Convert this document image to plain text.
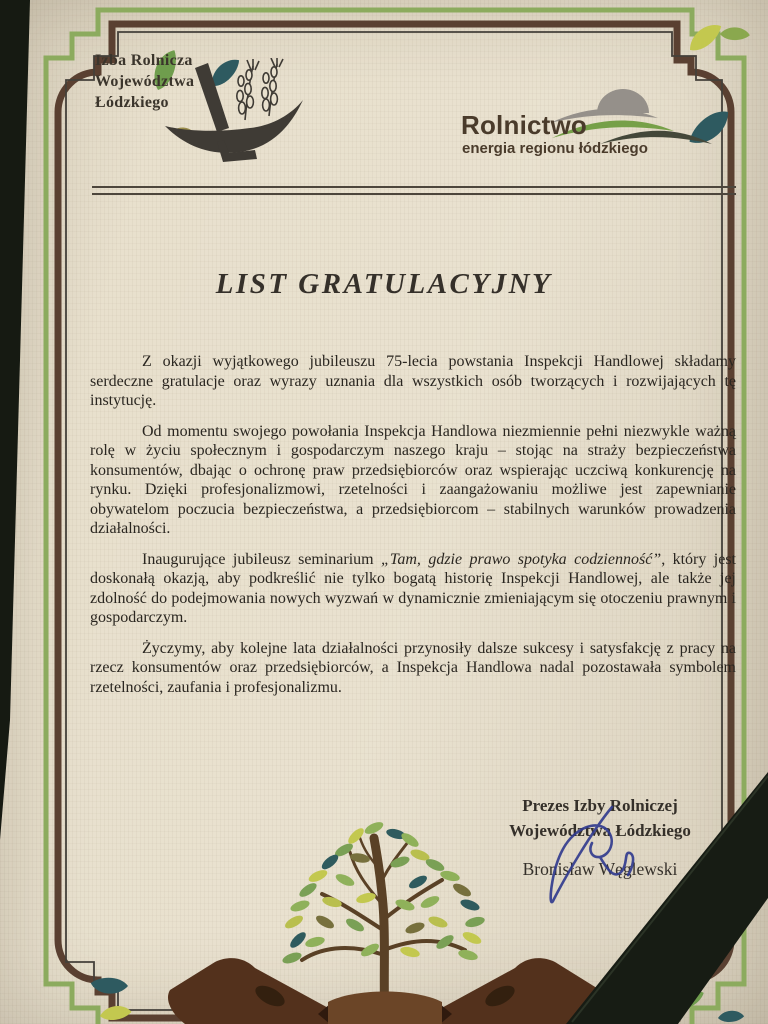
Izba Rolnicza
Województwa
Łódzkiego
Rolnictwo
energia regionu łódzkiego
LIST GRATULACYJNY

Z okazji wyjątkowego jubileuszu 75-lecia powstania Inspekcji Handlowej składamy serdeczne gratulacje oraz wyrazy uznania dla wszystkich osób tworzących i rozwijających tę instytucję.

Od momentu swojego powołania Inspekcja Handlowa niezmiennie pełni niezwykle ważną rolę w życiu społecznym i gospodarczym naszego kraju – stojąc na straży bezpieczeństwa konsumentów, dbając o ochronę praw przedsiębiorców oraz wspierając uczciwą konkurencję na rynku. Dzięki profesjonalizmowi, rzetelności i zaangażowaniu możliwe jest zapewnianie obywatelom poczucia bezpieczeństwa, a przedsiębiorcom – stabilnych warunków prowadzenia działalności.

Inaugurujące jubileusz seminarium „Tam, gdzie prawo spotyka codzienność”, który jest doskonałą okazją, aby podkreślić nie tylko bogatą historię Inspekcji Handlowej, ale także jej zdolność do podejmowania nowych wyzwań w dynamicznie zmieniającym się otoczeniu prawnym i gospodarczym.

Życzymy, aby kolejne lata działalności przynosiły dalsze sukcesy i satysfakcję z pracy na rzecz konsumentów oraz przedsiębiorców, a Inspekcja Handlowa nadal pozostawała symbolem rzetelności, zaufania i profesjonalizmu.

Prezes Izby Rolniczej
Województwa Łódzkiego
Bronisław Węglewski
